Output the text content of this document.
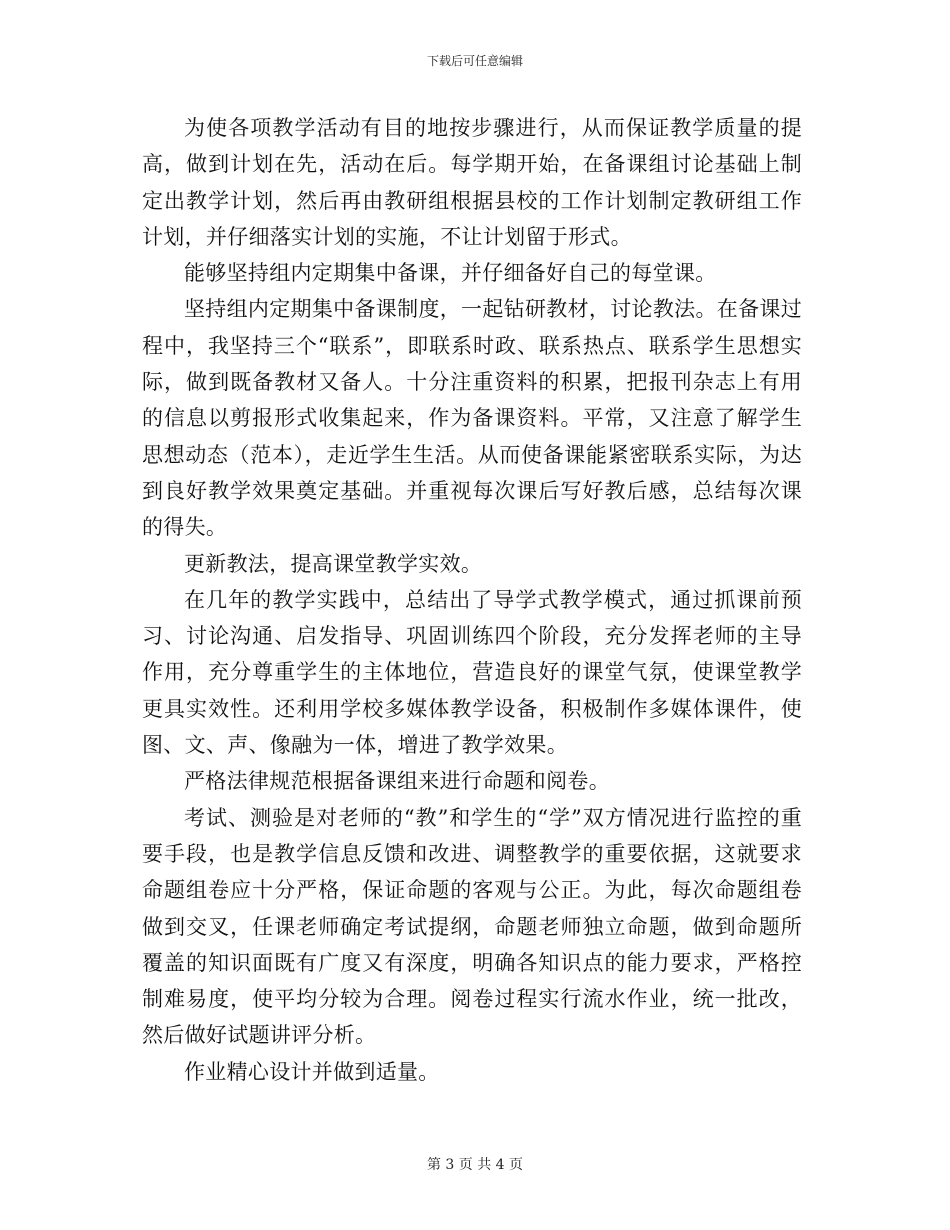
下载后可任意编辑

为使各项教学活动有目的地按步骤进行，从而保证教学质量的提高，做到计划在先，活动在后。每学期开始，在备课组讨论基础上制定出教学计划，然后再由教研组根据县校的工作计划制定教研组工作计划，并仔细落实计划的实施，不让计划留于形式。

能够坚持组内定期集中备课，并仔细备好自己的每堂课。

坚持组内定期集中备课制度，一起钻研教材，讨论教法。在备课过程中，我坚持三个“联系”，即联系时政、联系热点、联系学生思想实际，做到既备教材又备人。十分注重资料的积累，把报刊杂志上有用的信息以剪报形式收集起来，作为备课资料。平常，又注意了解学生思想动态（范本），走近学生生活。从而使备课能紧密联系实际，为达到良好教学效果奠定基础。并重视每次课后写好教后感，总结每次课的得失。

更新教法，提高课堂教学实效。

在几年的教学实践中，总结出了导学式教学模式，通过抓课前预习、讨论沟通、启发指导、巩固训练四个阶段，充分发挥老师的主导作用，充分尊重学生的主体地位，营造良好的课堂气氛，使课堂教学更具实效性。还利用学校多媒体教学设备，积极制作多媒体课件，使图、文、声、像融为一体，增进了教学效果。

严格法律规范根据备课组来进行命题和阅卷。

考试、测验是对老师的“教”和学生的“学”双方情况进行监控的重要手段，也是教学信息反馈和改进、调整教学的重要依据，这就要求命题组卷应十分严格，保证命题的客观与公正。为此，每次命题组卷做到交叉，任课老师确定考试提纲，命题老师独立命题，做到命题所覆盖的知识面既有广度又有深度，明确各知识点的能力要求，严格控制难易度，使平均分较为合理。阅卷过程实行流水作业，统一批改，然后做好试题讲评分析。

作业精心设计并做到适量。

第 3 页 共 4 页
